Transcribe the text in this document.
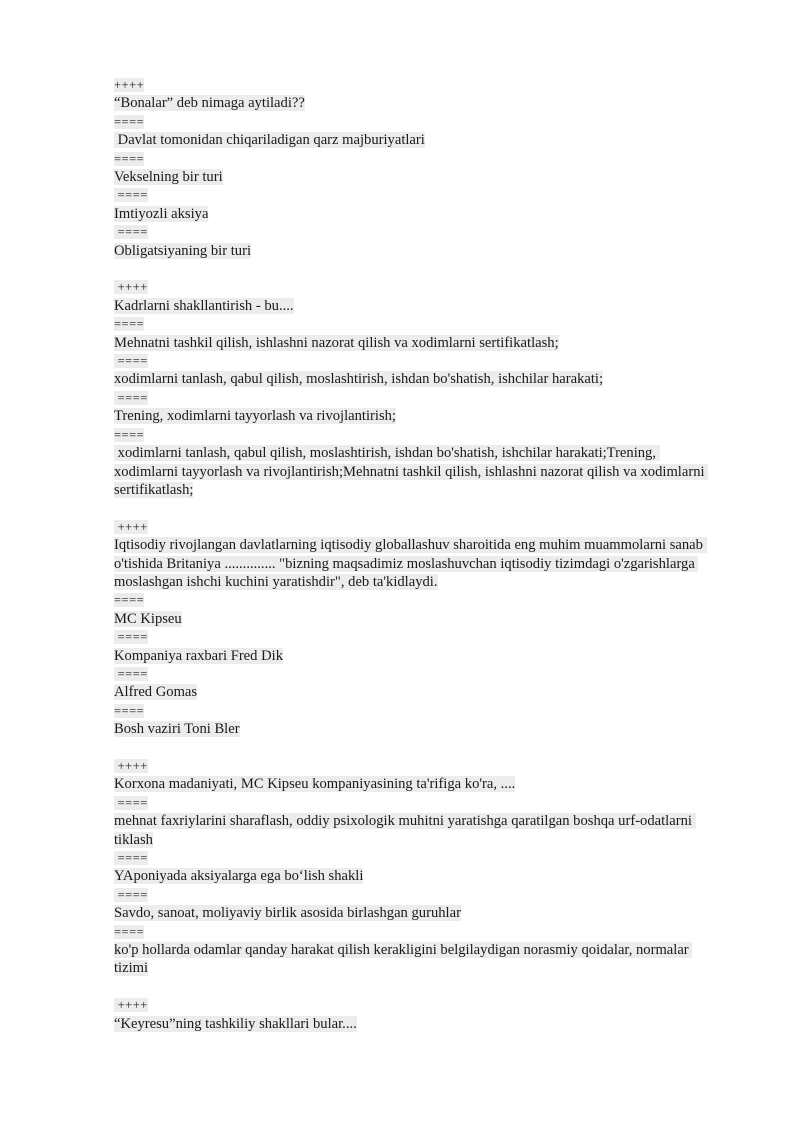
++++
“Bonalar” deb nimaga aytiladi??
====
Davlat tomonidan chiqariladigan qarz majburiyatlari
====
Vekselning bir turi
====
Imtiyozli aksiya
====
Obligatsiyaning bir turi
++++
Kadrlarni shakllantirish - bu....
====
Mehnatni tashkil qilish, ishlashni nazorat qilish va xodimlarni sertifikatlash;
====
xodimlarni tanlash, qabul qilish, moslashtirish, ishdan bo'shatish, ishchilar harakati;
====
Trening, xodimlarni tayyorlash va rivojlantirish;
====
xodimlarni tanlash, qabul qilish, moslashtirish, ishdan bo'shatish, ishchilar harakati;Trening, xodimlarni tayyorlash va rivojlantirish;Mehnatni tashkil qilish, ishlashni nazorat qilish va xodimlarni sertifikatlash;
++++
Iqtisodiy rivojlangan davlatlarning iqtisodiy globallashuv sharoitida eng muhim muammolarni sanab o'tishida Britaniya .............. "bizning maqsadimiz moslashuvchan iqtisodiy tizimdagi o'zgarishlarga moslashgan ishchi kuchini yaratishdir", deb ta'kidlaydi.
====
MC Kipseu
====
Kompaniya raxbari Fred Dik
====
Alfred Gomas
====
Bosh vaziri Toni Bler
++++
Korxona madaniyati, MC Kipseu kompaniyasining ta'rifiga ko'ra, ....
====
mehnat faxriylarini sharaflash, oddiy psixologik muhitni yaratishga qaratilgan boshqa urf-odatlarni tiklash
====
YAponiyada aksiyalarga ega bo‘lish shakli
====
Savdo, sanoat, moliyaviy birlik asosida birlashgan guruhlar
====
ko'p hollarda odamlar qanday harakat qilish kerakligini belgilaydigan norasmiy qoidalar, normalar tizimi
++++
“Keyresu”ning tashkiliy shakllari bular....
